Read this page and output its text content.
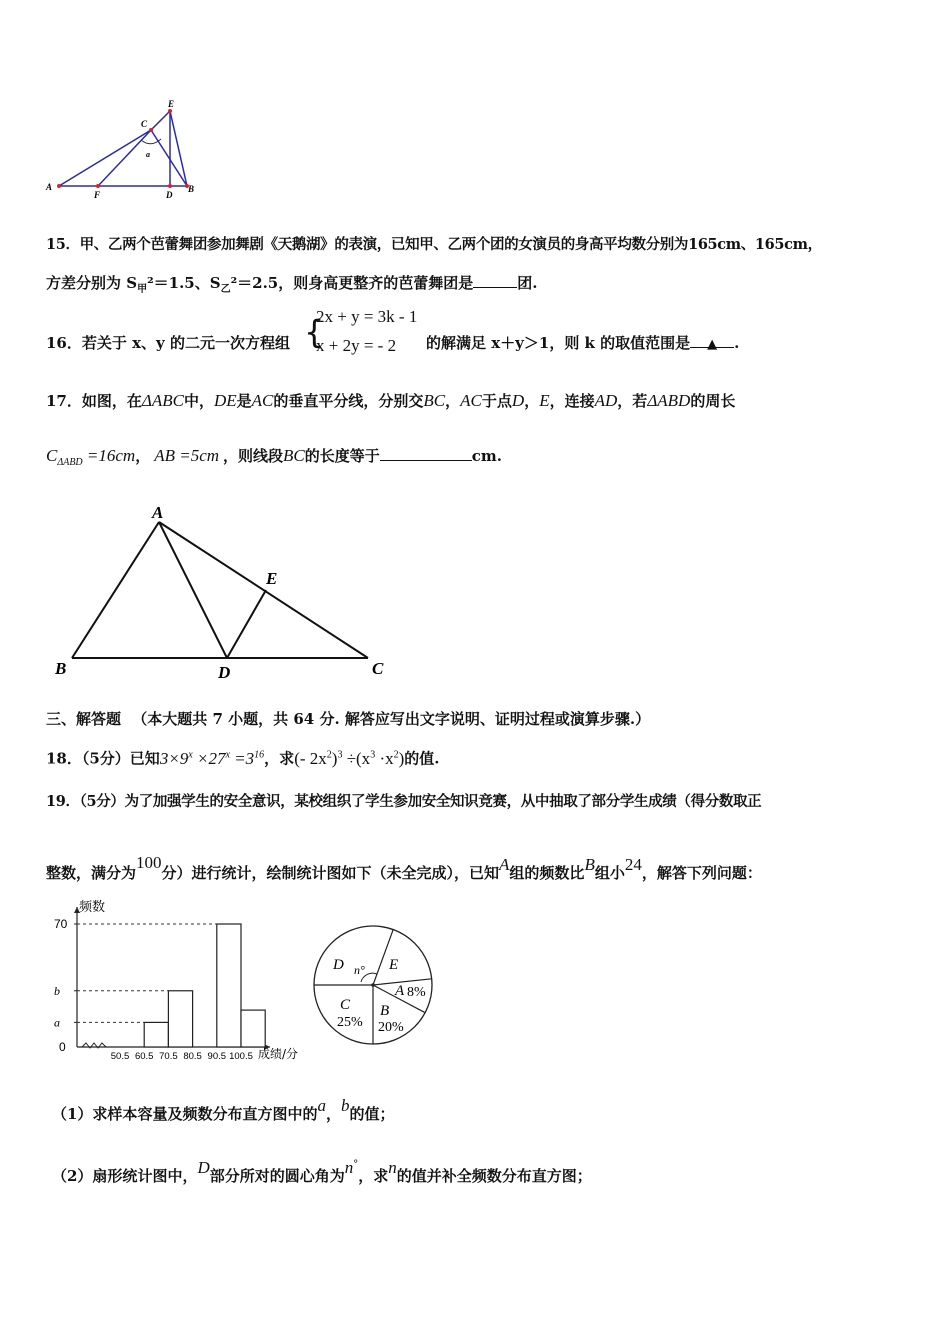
E
C
a
A
F	D
B
15．甲、乙两个芭蕾舞团参加舞剧《天鹅湖》的表演，已知甲、乙两个团的女演员的身高平均数分别为165cm、165cm，
方差分别为 $S_甲^2=1.5$、$S_乙^2=2.5$，则身高更整齐的芭蕾舞团是	团.
16．若关于 x、y 的二元一次方程组 {
2x + y = 3k - 1
x + 2y = - 2 的解满足 x＋y＞1，则 k 的取值范围是 ▲ .
17．如图，在ΔABC中，DE是AC的垂直平分线，分别交BC，AC于点D，E，连接AD，若ΔABD的周长
$C_{\Delta ABD} =16cm$， AB =5cm ，则线段BC的长度等于	cm.
A
E
B	D	C
三、解答题 （本大题共 7 小题，共 64 分. 解答应写出文字说明、证明过程或演算步骤.）
18．（5分）已知$3\times 9^x \times 27^x =3^{16}$，求(- $2x^2)^3 \div(x^3 \cdot x^2)$的值.
19．（5分）为了加强学生的安全意识，某校组织了学生参加安全知识竞赛，从中抽取了部分学生成绩（得分数取正
整数，满分为100分）进行统计，绘制统计图如下（未全完成），已知A组的频数比B组小24，解答下列问题：
频数
成绩/分
0
a
b
70
50.5 60.5 70.5 80.5 90.5 100.5
D n° E
A 8%
B
20%
C
25%
（1）求样本容量及频数分布直方图中的a，b的值；
（2）扇形统计图中，D部分所对的圆心角为n°，求n的值并补全频数分布直方图；
